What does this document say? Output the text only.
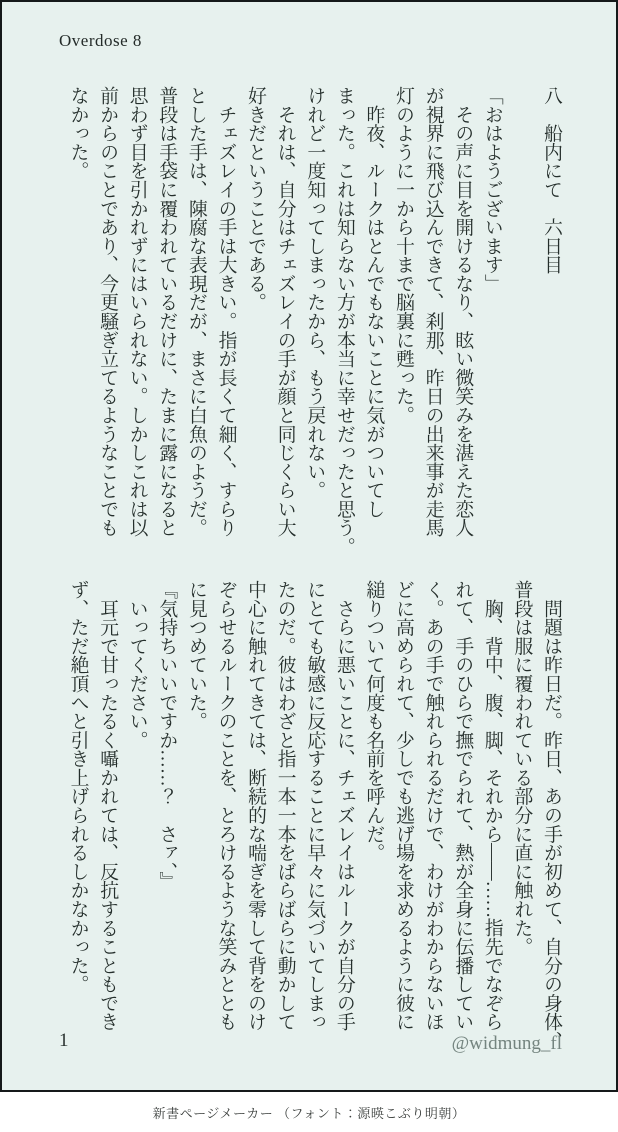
Overdose 8
八　船内にて　六日目

「おはようございます」
　その声に目を開けるなり、眩い微笑みを湛えた恋人
が視界に飛び込んできて、刹那、昨日の出来事が走馬
灯のように一から十まで脳裏に甦った。
　昨夜、ルークはとんでもないことに気がついてし
まった。これは知らない方が本当に幸せだったと思う。
けれど一度知ってしまったから、もう戻れない。
　それは、自分はチェズレイの手が顔と同じくらい大
好きだということである。
　チェズレイの手は大きい。指が長くて細く、すらり
とした手は、陳腐な表現だが、まさに白魚のようだ。
普段は手袋に覆われているだけに、たまに露になると
思わず目を引かれずにはいられない。しかしこれは以
前からのことであり、今更騒ぎ立てるようなことでも
なかった。
　問題は昨日だ。昨日、あの手が初めて、自分の身体、
普段は服に覆われている部分に直に触れた。
　胸、背中、腹、脚、それから――……指先でなぞら
れて、手のひらで撫でられて、熱が全身に伝播してい
く。あの手で触れられるだけで、わけがわからないほ
どに高められて、少しでも逃げ場を求めるように彼に
縋りついて何度も名前を呼んだ。
　さらに悪いことに、チェズレイはルークが自分の手
にとても敏感に反応することに早々に気づいてしまっ
たのだ。彼はわざと指一本一本をばらばらに動かして
中心に触れてきては、断続的な喘ぎを零して背をのけ
ぞらせるルークのことを、とろけるような笑みととも
に見つめていた。
『気持ちいいですか……？　さァ、』
　いってください。
　耳元で甘ったるく囁かれては、反抗することもでき
ず、ただ絶頂へと引き上げられるしかなかった。
1	@widmung_fl
新書ページメーカー （フォント：源暎こぶり明朝）
